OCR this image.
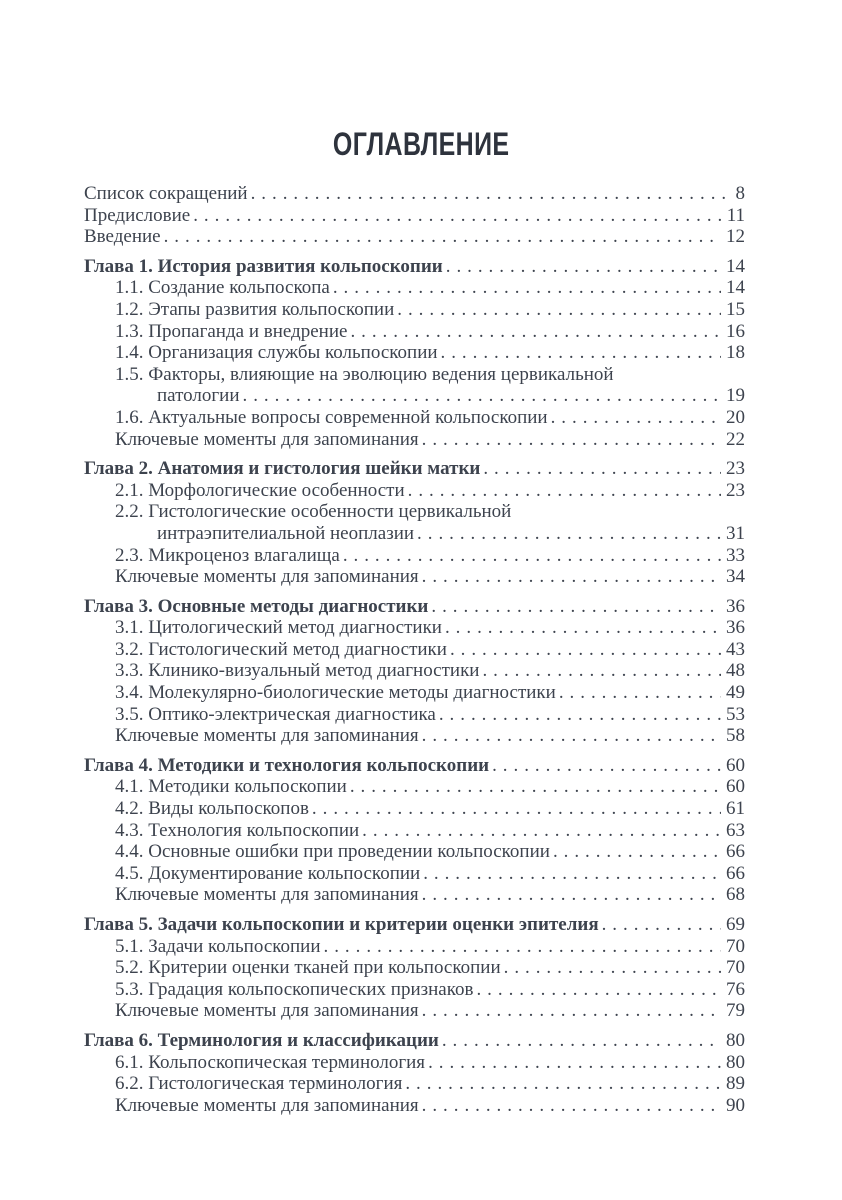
ОГЛАВЛЕНИЕ
Список сокращений . . .	8
Предисловие . . .	11
Введение . . .	12
Глава 1. История развития кольпоскопии . . .	14
1.1. Создание кольпоскопа . . .	14
1.2. Этапы развития кольпоскопии . . .	15
1.3. Пропаганда и внедрение . . .	16
1.4. Организация службы кольпоскопии . . .	18
1.5. Факторы, влияющие на эволюцию ведения цервикальной
патологии . . .	19
1.6. Актуальные вопросы современной кольпоскопии . . .	20
Ключевые моменты для запоминания . . .	22
Глава 2. Анатомия и гистология шейки матки . . .	23
2.1. Морфологические особенности . . .	23
2.2. Гистологические особенности цервикальной
интраэпителиальной неоплазии . . .	31
2.3. Микроценоз влагалища . . .	33
Ключевые моменты для запоминания . . .	34
Глава 3. Основные методы диагностики . . .	36
3.1. Цитологический метод диагностики . . .	36
3.2. Гистологический метод диагностики . . .	43
3.3. Клинико-визуальный метод диагностики . . .	48
3.4. Молекулярно-биологические методы диагностики . . .	49
3.5. Оптико-электрическая диагностика . . .	53
Ключевые моменты для запоминания . . .	58
Глава 4. Методики и технология кольпоскопии . . .	60
4.1. Методики кольпоскопии . . .	60
4.2. Виды кольпоскопов . . .	61
4.3. Технология кольпоскопии . . .	63
4.4. Основные ошибки при проведении кольпоскопии . . .	66
4.5. Документирование кольпоскопии . . .	66
Ключевые моменты для запоминания . . .	68
Глава 5. Задачи кольпоскопии и критерии оценки эпителия . . .	69
5.1. Задачи кольпоскопии . . .	70
5.2. Критерии оценки тканей при кольпоскопии . . .	70
5.3. Градация кольпоскопических признаков . . .	76
Ключевые моменты для запоминания . . .	79
Глава 6. Терминология и классификации . . .	80
6.1. Кольпоскопическая терминология . . .	80
6.2. Гистологическая терминология . . .	89
Ключевые моменты для запоминания . . .	90
